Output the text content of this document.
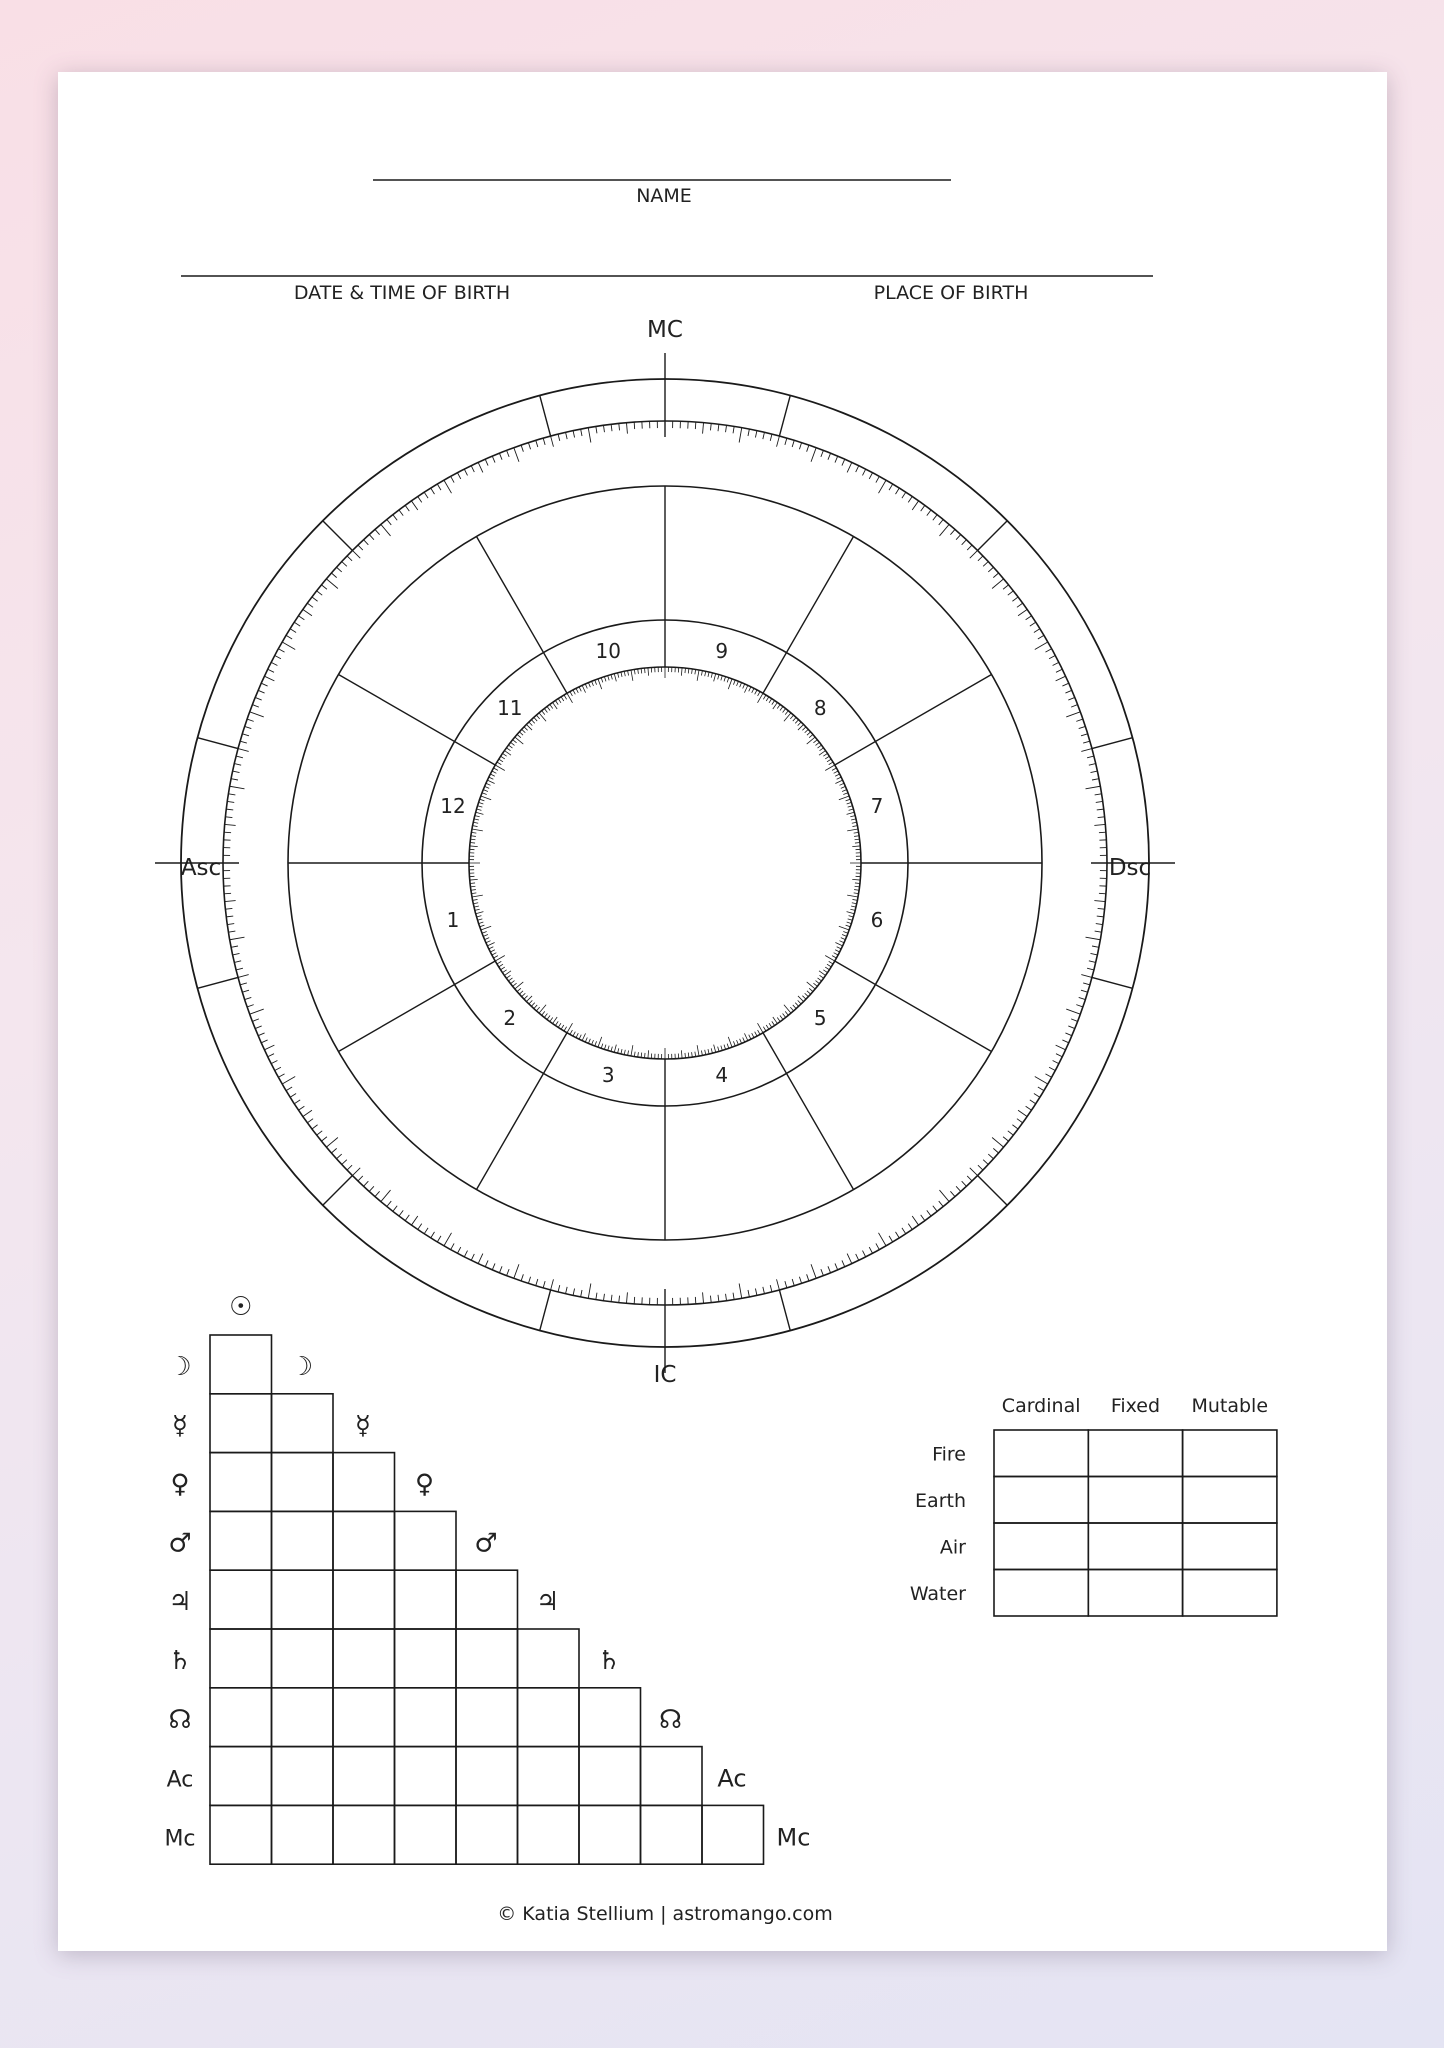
NAME
DATE & TIME OF BIRTH	PLACE OF BIRTH
MC
IC
Asc	Dsc
1
2
3	4
5
6
7
8
9
10
11
12
☉
☽
☿
♀
♂
♃
♄
☊
Ac
Mc
☽
☿
♀
♂
♃
♄
☊
Ac
Mc
Cardinal Fixed Mutable
Fire
Earth
Air
Water
© Katia Stellium | astromango.com
